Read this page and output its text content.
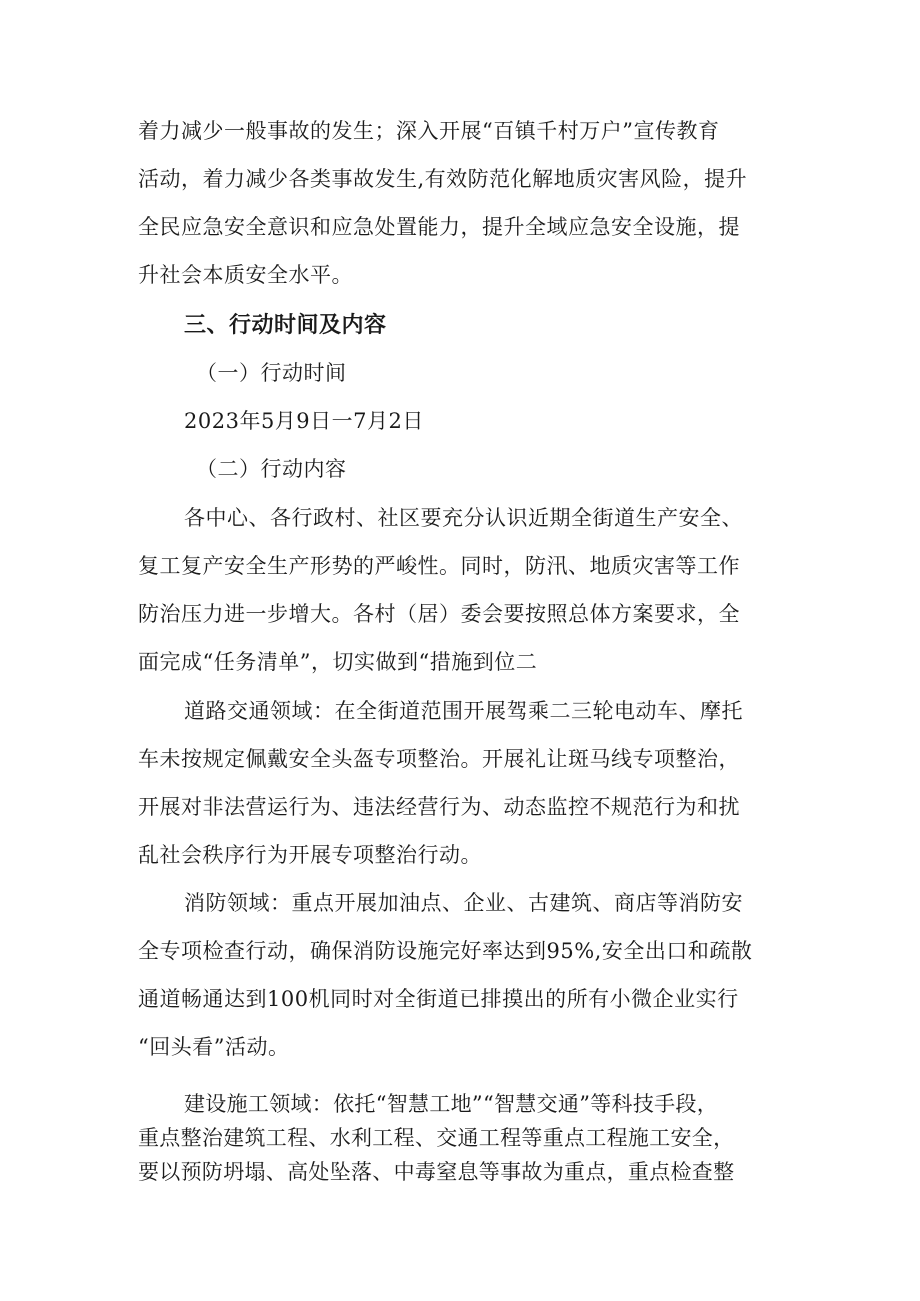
着力减少一般事故的发生；深入开展“百镇千村万户”宣传教育
活动，着力减少各类事故发生,有效防范化解地质灾害风险，提升
全民应急安全意识和应急处置能力，提升全域应急安全设施，提
升社会本质安全水平。
三、行动时间及内容
（一）行动时间
2023年5月9日一7月2日
（二）行动内容
各中心、各行政村、社区要充分认识近期全街道生产安全、
复工复产安全生产形势的严峻性。同时，防汛、地质灾害等工作
防治压力进一步增大。各村（居）委会要按照总体方案要求，全
面完成“任务清单”，切实做到“措施到位二
道路交通领域：在全街道范围开展驾乘二三轮电动车、摩托
车未按规定佩戴安全头盔专项整治。开展礼让斑马线专项整治，
开展对非法营运行为、违法经营行为、动态监控不规范行为和扰
乱社会秩序行为开展专项整治行动。
消防领域：重点开展加油点、企业、古建筑、商店等消防安
全专项检查行动，确保消防设施完好率达到95%,安全出口和疏散
通道畅通达到100机同时对全街道已排摸出的所有小微企业实行
“回头看”活动。
建设施工领域：依托“智慧工地”“智慧交通”等科技手段，
重点整治建筑工程、水利工程、交通工程等重点工程施工安全，
要以预防坍塌、高处坠落、中毒窒息等事故为重点，重点检查整
